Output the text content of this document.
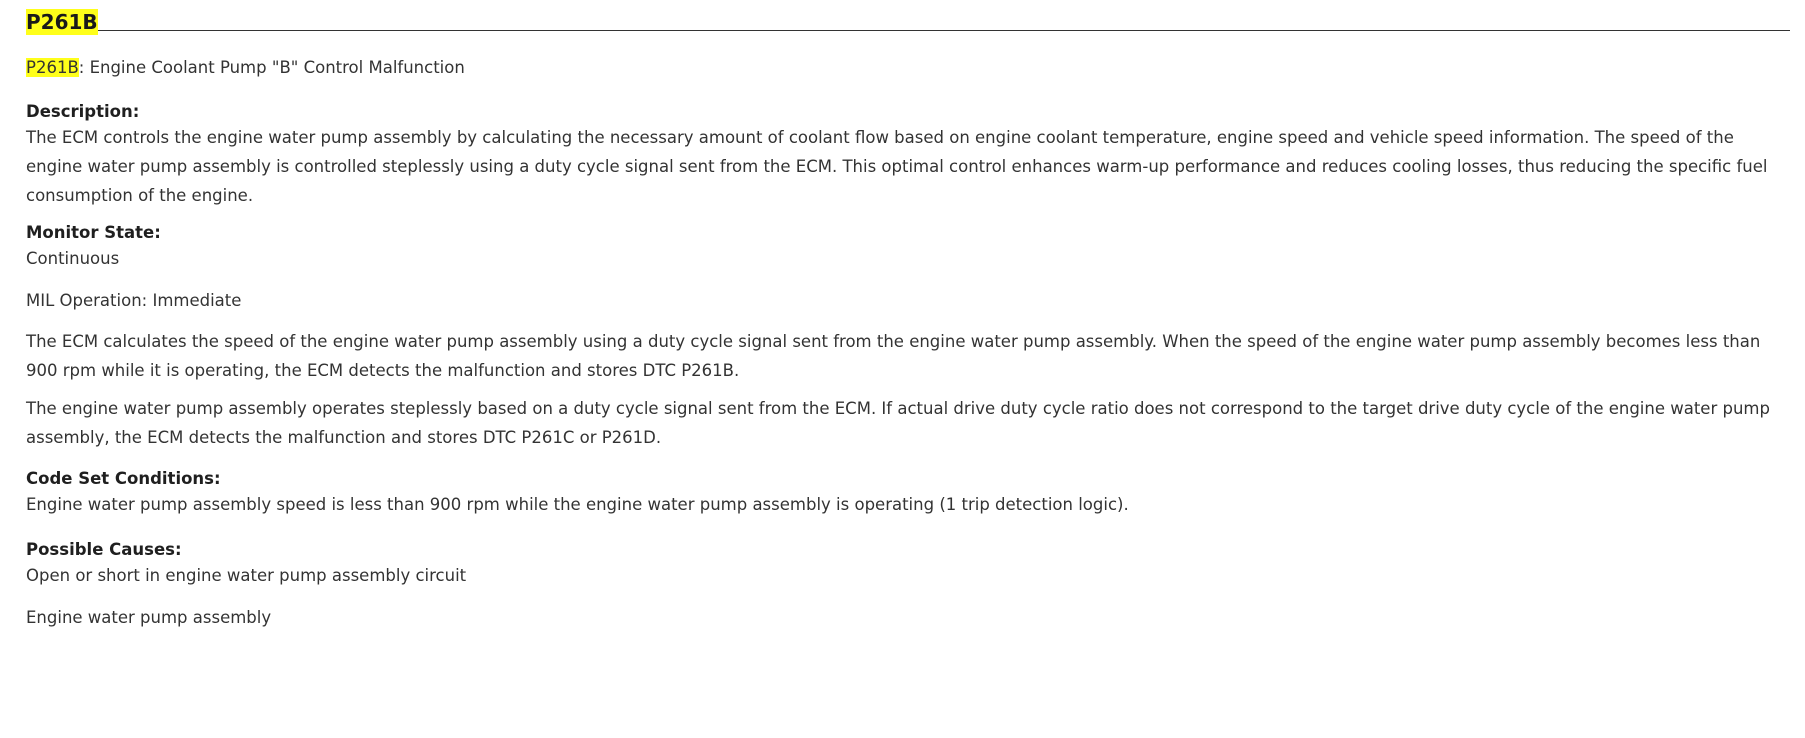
P261B

P261B: Engine Coolant Pump "B" Control Malfunction

Description:

The ECM controls the engine water pump assembly by calculating the necessary amount of coolant flow based on engine coolant temperature, engine speed and vehicle speed information. The speed of the engine water pump assembly is controlled steplessly using a duty cycle signal sent from the ECM. This optimal control enhances warm-up performance and reduces cooling losses, thus reducing the specific fuel consumption of the engine.

Monitor State:

Continuous

MIL Operation: Immediate

The ECM calculates the speed of the engine water pump assembly using a duty cycle signal sent from the engine water pump assembly. When the speed of the engine water pump assembly becomes less than 900 rpm while it is operating, the ECM detects the malfunction and stores DTC P261B.

The engine water pump assembly operates steplessly based on a duty cycle signal sent from the ECM. If actual drive duty cycle ratio does not correspond to the target drive duty cycle of the engine water pump assembly, the ECM detects the malfunction and stores DTC P261C or P261D.

Code Set Conditions:

Engine water pump assembly speed is less than 900 rpm while the engine water pump assembly is operating (1 trip detection logic).

Possible Causes:

Open or short in engine water pump assembly circuit

Engine water pump assembly
